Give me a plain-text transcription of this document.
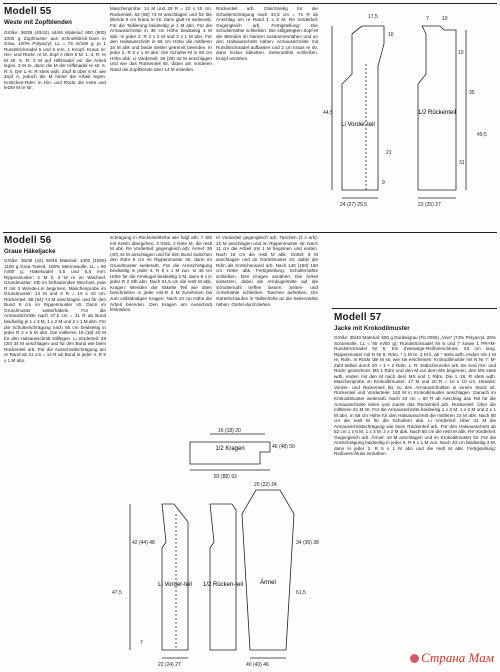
Modell 55
Weste mit Zopfblenden
Größe: 36/38 (40/42) 44/46 Material: 800 (900) 1000 g Zopfmuster aus Schnellstrick-Garn in Grau, 100% Polyacryl, LL = 75 m/100 g; je 1 Rundstricknadel 5 und 6 mm, 1 Knopf. Kraus re: Hin- und Rückr. re M. Zopf A über 6 M: 1.-4. R: re M str. 5. R: 3 M auf Hilfsnadel vor die Arbeit legen, 3 M re, dann die M der Hilfsnadel re str. 6. R: li. Die 1.-6. R stets wdh. Zopf B über 6 M: wie Zopf A, jedoch die M hinter die Arbeit legen. Knötchen-Rdm: in Hin- und Rückr die erste und letzte M re str.
Maschenprobe: 14 M und 20 R = 10 x 10 cm. Rückenteil: 62 (68) 74 M anschlagen und für die Blende 6 cm kraus re str, dann glatt re weiterarb. Für die Taillierung beidseitig je 1 M abn. Für die Armausschnitte in 36 cm Höhe beidseitig 4 M abk. In jeder 2. R 2 x 2 M und 2 x 1 M abn. Für den Halsausschnitt in 56 cm Höhe die mittleren 18 M abk und beide Seiten getrennt beenden. In jeder 2. R 2 x 1 M abn. Die Schulter-M in 60 cm Höhe abk. Li Vorderteil: 36 (39) 42 M anschlagen und wie das Rückenteil str, dabei am vorderen Rand die Zopfblende über 14 M einteilen.
Rückenteil arb. Gleichzeitig für die Schulterschrägung nach 44,5 cm = 71 R ab Anschlag am re Rand 1 x 3 M. Re Vorderteil: Gegengleich arb. Fertigstellung: Die Schulternähte schließen. Die stillgelegten Zopf-M der Blenden im Nacken zusammennähen und an den Halsausschnitt nähen. Armausschnitte mit Rundstricknadel auffassen und 2 cm kraus re str, dann locker abketten. Seitennähte schließen. Knopf annähen.
Li Vorder-teil
1/2 Rückenteil
17,5
10
7	10
10
35
49,5
44,5
9
21
31
24 (27) 29,5	23 (25) 27
Modell 56
Graue Häkeljacke
Größe: 36/38 (42) 46/48 Material: 1000 (1050) 1100 g Grau-Tweed, 100% Merinowolle, LL = 90 m/50 g; Häkelnadel 4,5 und 5,5 mm. Rippenmuster: 2 M li, 2 M re im Wechsel. Grundmuster: Stb im fortlaufenden Wechsel, jede R mit 3 Wende-Lm beginnen. Maschenprobe im Grundmuster: 14 M und 9 R = 10 x 10 cm. Rückenteil: 58 (64) 74 M anschlagen und für den Bund 6 cm im Rippenmuster str. Dann im Grundmuster weiterhäkeln. Für die Armausschnitte nach 47,5 cm = 31 R ab Bund beidseitig je 1 x 3 M, 1 x 2 M und 2 x 1 M abn. Für die Schulterschrägung nach 65 cm beidseitig in jeder R 2 x 6 M abn. Die mittleren 16 (18) 20 M für den Halsausschnitt stilllegen. Li Vorderteil: 28 (30) 34 M anschlagen und für den Bund wie beim Rückenteil arb. Für die Ausschnittschrägung am re Rand ab 21 cm = 14 R ab Bund in jeder 4. R 9 x 1 M abn.
schrägung in Rückenteilhöhe wie folgt arb: 7 Stb mit Kettm übergehen, 2 hStb, 2 feste M, die restl M abk. Re Vorderteil: gegengleich arb. Ärmel: 36 (40) 44 M anschlagen und für den Bund zwischen den Rdm 6 cm im Rippenmuster str, dann im Grundmuster weiterarb. Für die Armschrägung beidseitig in jeder 4. R 8 x 1 M zun. In 45 cm Höhe für die Armkugel beidseitig 3 M, dann 6 x in jeder R 2 Stb abn. Nach 61,5 cm die restl M abk. Kragen: Wenden der häkelte Teil wie oben beschrieben in jeder Hin-R 2 M zunehmen bis zum vollständigen Kragen. Nach 10 cm Höhe die Arbeit beenden. Den Kragen am Ausschnitt festnähen.
re Vorderteil gegengleich arb. Taschen (2 x arb): 22 M anschlagen und im Rippenmuster str. Nach 11 cm die Arbeit mit 1 M beginnen und enden. Nach 18 cm die restl M abk. Gürtel: 9 M anschlagen und im Gürtelmuster str, dabei die Rdm als Knötchenrand arb. Nach 140 (150) 160 cm Höhe abk. Fertigstellung: Schulternähte schließen. Den Kragen annähen. Die Ärmel einsetzen, dabei die Armkugelmitte auf die Schulternaht treffen lassen. Seiten- und Ärmelnähte schließen. Taschen aufnähen. Die Gürtelschlaufen in Taillenhöhe an die Seitennähte nähen. Gürtel durchziehen.
1/2 Kragen
Li Vorder-teil 1/2 Rücken-teil	Ärmel
16 (18) 20
46 (48) 50
83 (88) 93
20 (22) 24
42 (44) 48	34 (36) 38
61,5
47,5
7
22 (24) 27	40 (43) 46
Modell 57
Jacke mit Krokodilmuster
Größe: 38/40 Material: 500 g Dunkelgrau (Fb 0006) „Vivo“ (74% Polyacryl, 26% Schurwolle, LL = 65 m/50 g); Rundstricknadel Nr 6 und 7 sowie 1 PRYM-Rundstricknadel Nr 5; Ein Zweiwege-Reißverschluss, 53 cm lang. Rippenmuster mit N Nr 6: Rdm, * 1 M re, 1 M li, ab * stets wdh, enden mit 1 M re, Rdm. In Rückr die M str, wie sie erscheinen. Krokodilmuster mit N Nr 7: M-Zahl teilbar durch 20 + 1 + 2 Rdm. 1. R: Stäbchenreihe arb. Es sind Hin- und Rückr gezeichnet. Mit 1 Rdm und den M vor dem MS beginnen, den MS stets wdh, enden mit den M nach dem MS und 1 Rdm. Die 1.-16. R stets wdh. Maschenprobe im Krokodilmuster: 17 M und 20 R = 10 x 10 cm. Hinweis: Vorder- und Rückenteil bis zu den Armausschnitten in einem Stück str. Rückenteil und Vorderteile: 163 M in Krokodilmuster anschlagen. Danach im Krokodilmuster weiterarb. Nach 40 cm = 80 R ab Anschlag das Teil für die Armausschnitte teilen und zuerst das Rückenteil arb. Rückenteil: Über die mittleren 81 M str. Für die Armausschnitte beidseitig 1 x 3 M, 1 x 2 M und 2 x 1 M abn. In 58 cm Höhe für den Halsausschnitt die mittleren 23 M abk. Nach 60 cm die restl M für die Schultern abk. Li Vorderteil: Über 41 M die Armausschnittschrägung wie beim Rückenteil arb. Für den Halsausschnitt ab 52 cm 1 x 6 M, 1 x 3 M, 2 x 2 M abk. Nach 60 cm die restl M abk. Re Vorderteil: Gegengleich arb. Ärmel: 43 M anschlagen und im Krokodilmuster str. Für die Armschrägung beidseitig in jeder 6. R 9 x 1 M zun. Nach 43 cm beidseitig 3 M, dann in jeder 2. R 5 x 1 M abn und die restl M abk. Fertigstellung: Reißverschluss einnähen.
Страна Мам
